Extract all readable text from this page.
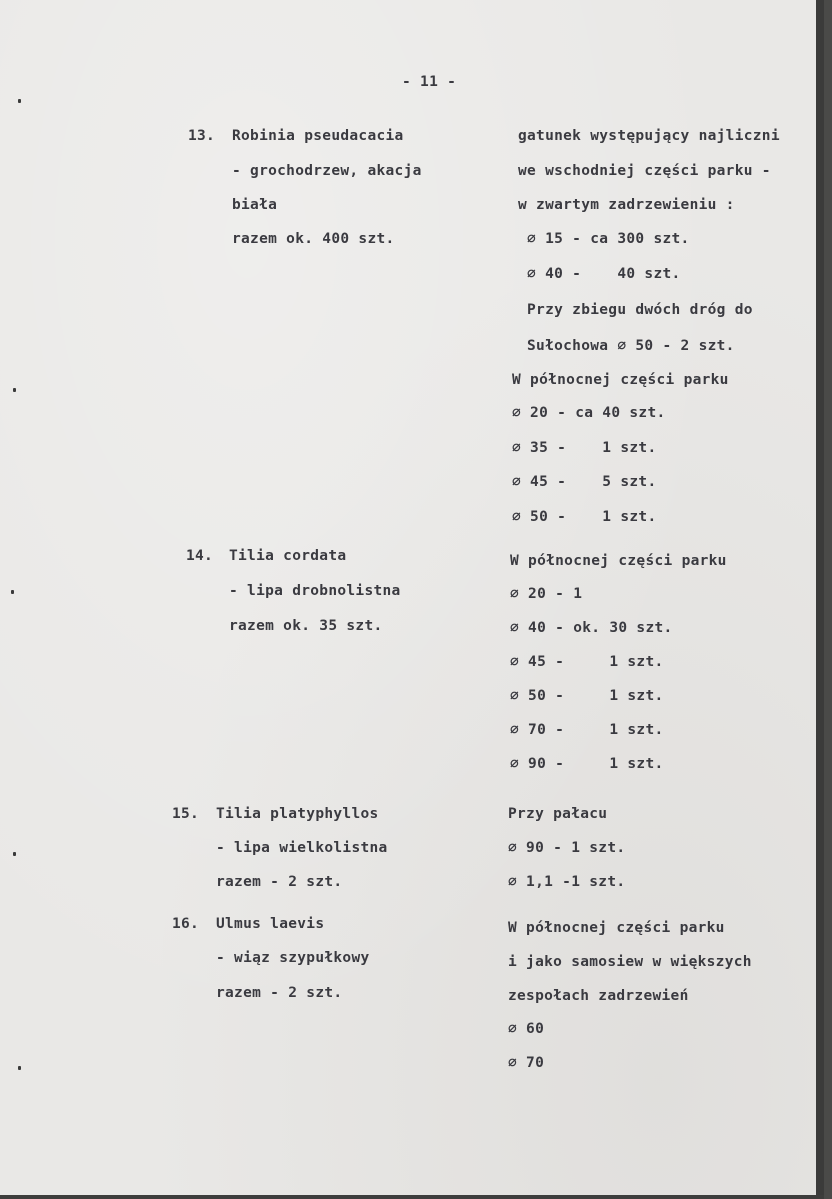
- 11 -
13. Robinia pseudacacia
- grochodrzew, akacja
biała
razem ok. 400 szt.
gatunek występujący najliczni
we wschodniej części parku -
w zwartym zadrzewieniu :
∅ 15 - ca 300 szt.
∅ 40 -    40 szt.
Przy zbiegu dwóch dróg do
Sułochowa ∅ 50 - 2 szt.
W północnej części parku
∅ 20 - ca 40 szt.
∅ 35 -    1 szt.
∅ 45 -    5 szt.
∅ 50 -    1 szt.
14. Tilia cordata
- lipa drobnolistna
razem ok. 35 szt.
W północnej części parku
∅ 20 - 1
∅ 40 - ok. 30 szt.
∅ 45 -     1 szt.
∅ 50 -     1 szt.
∅ 70 -     1 szt.
∅ 90 -     1 szt.
15. Tilia platyphyllos
- lipa wielkolistna
razem - 2 szt.
Przy pałacu
∅ 90 - 1 szt.
∅ 1,1 -1 szt.
16. Ulmus laevis
- wiąz szypułkowy
razem - 2 szt.
W północnej części parku
i jako samosiew w większych
zespołach zadrzewień
∅ 60
∅ 70
